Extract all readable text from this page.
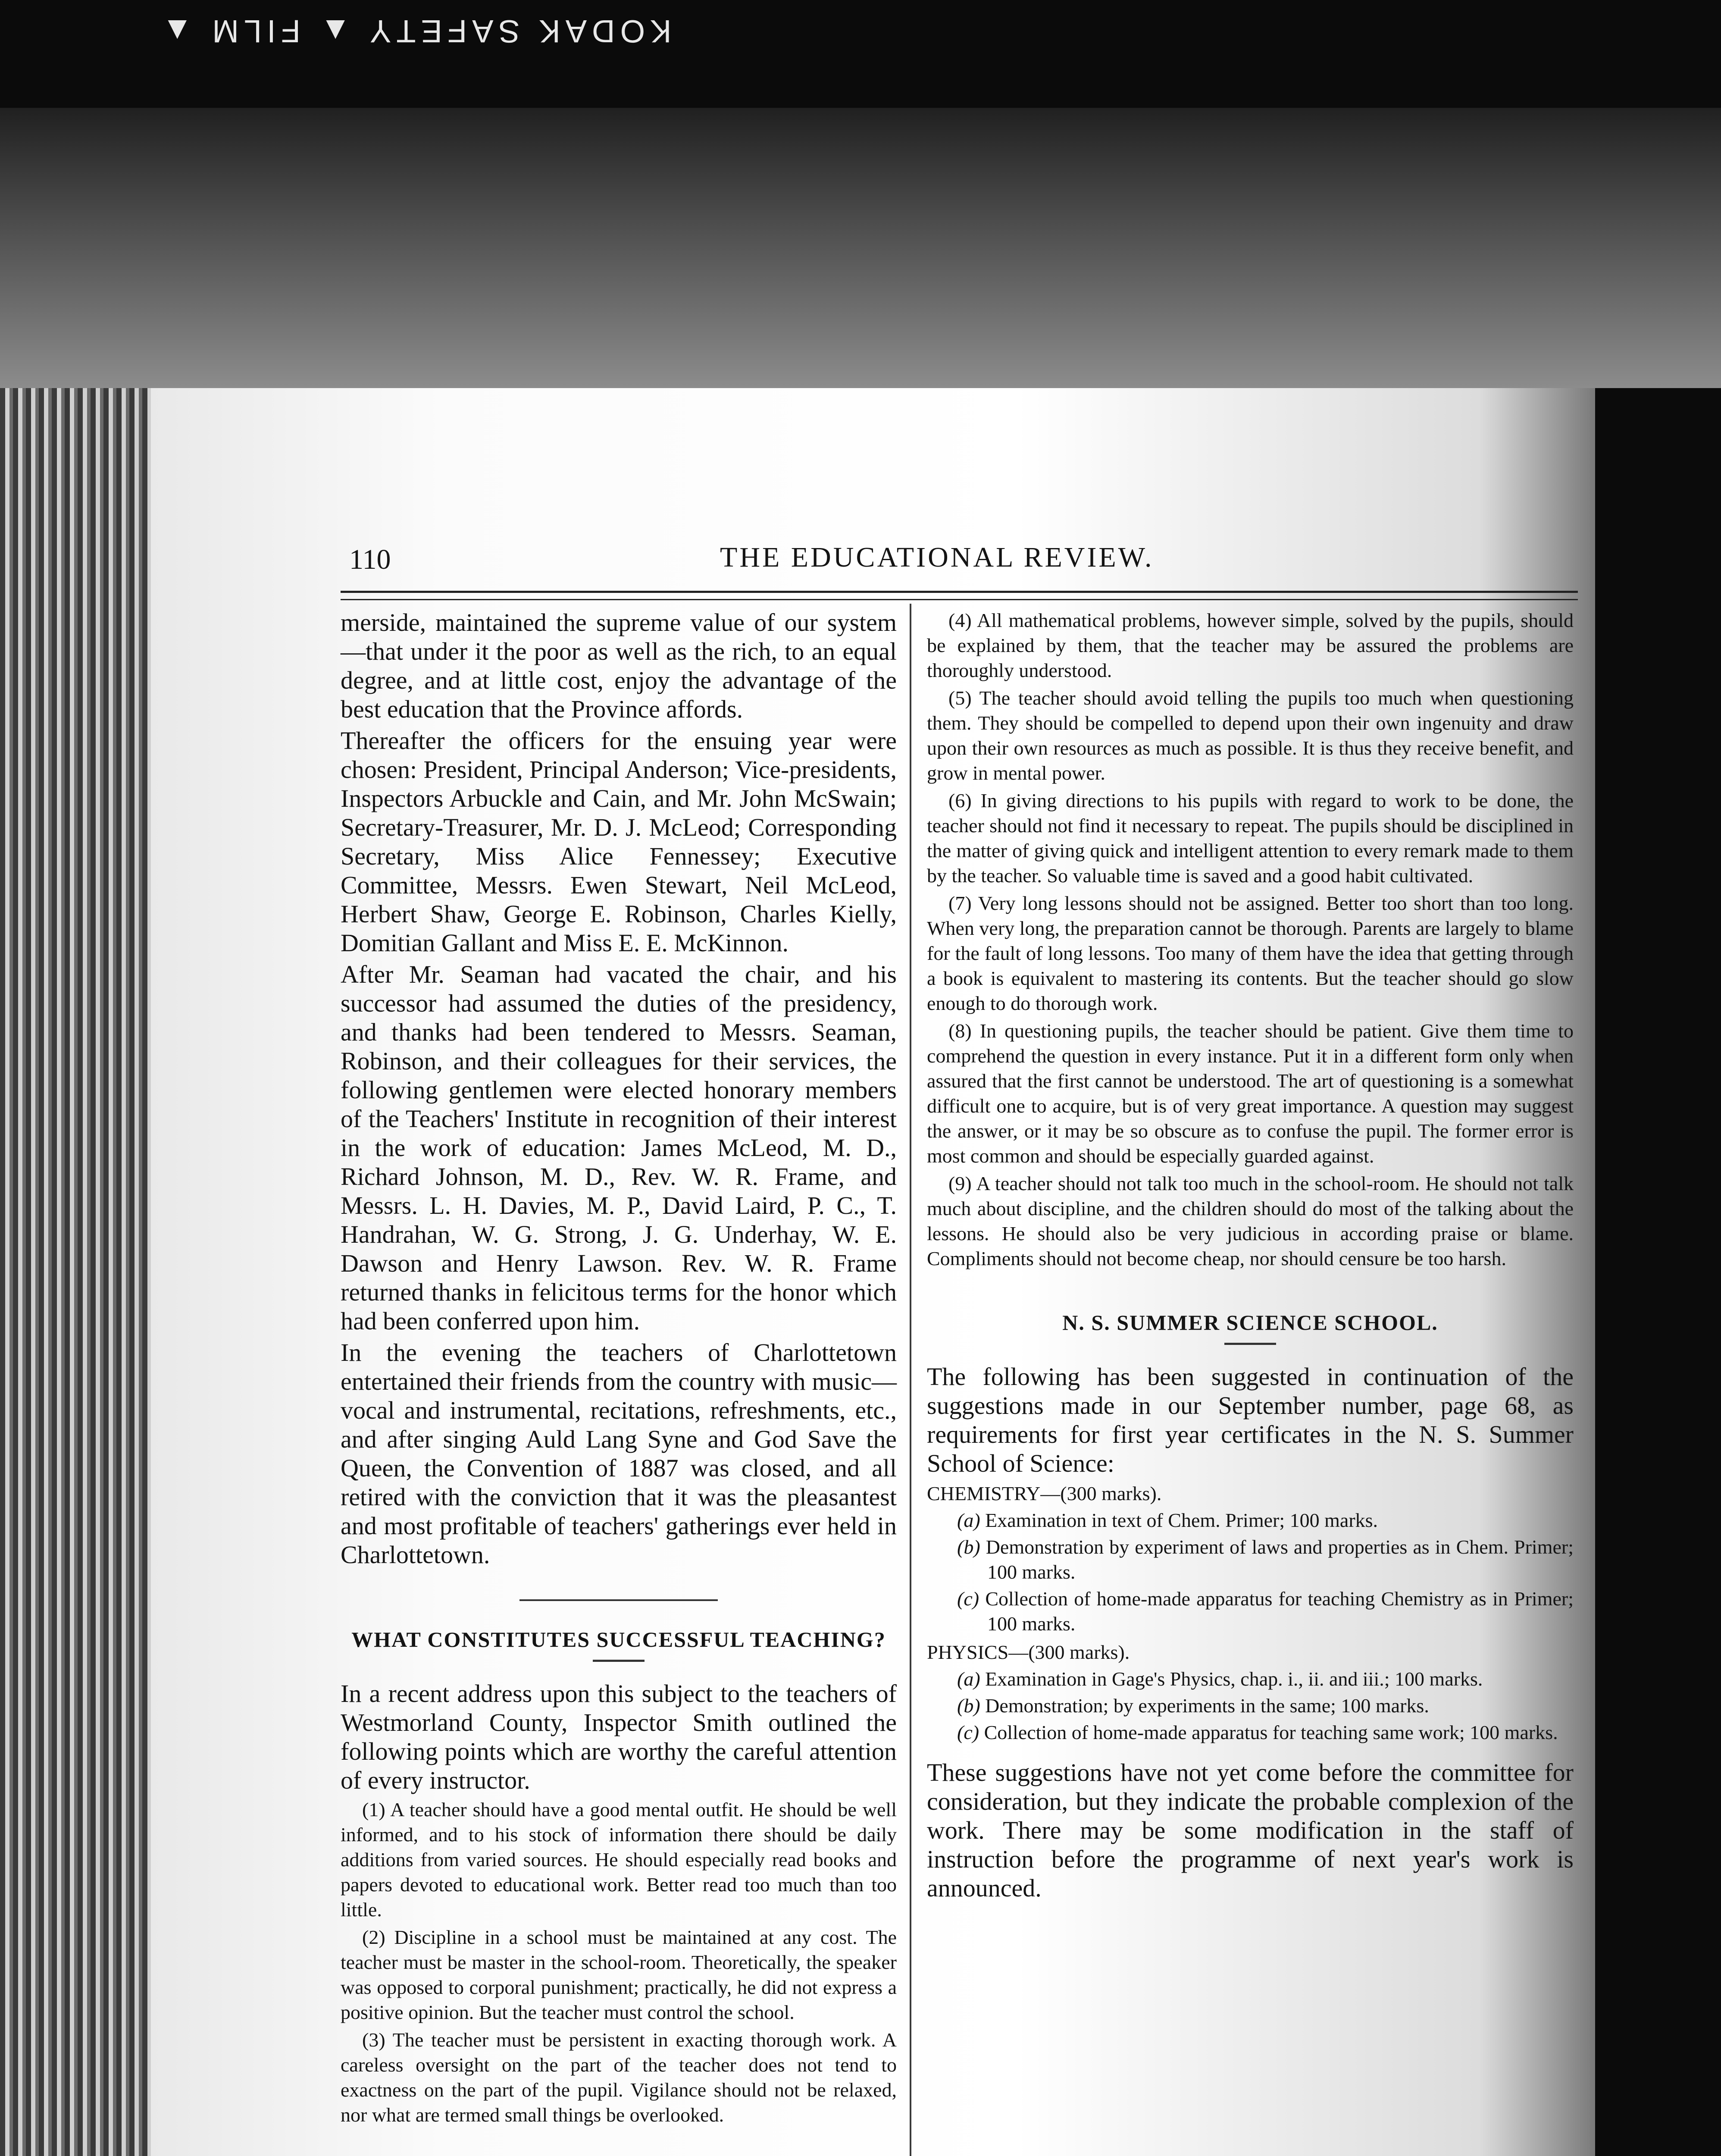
KODAK SAFETY ▲ FILM ▲
110	THE EDUCATIONAL REVIEW.

merside, maintained the supreme value of our system —that under it the poor as well as the rich, to an equal degree, and at little cost, enjoy the advantage of the best education that the Province affords.

Thereafter the officers for the ensuing year were chosen: President, Principal Anderson; Vice-presidents, Inspectors Arbuckle and Cain, and Mr. John McSwain; Secretary-Treasurer, Mr. D. J. McLeod; Corresponding Secretary, Miss Alice Fennessey; Executive Committee, Messrs. Ewen Stewart, Neil McLeod, Herbert Shaw, George E. Robinson, Charles Kielly, Domitian Gallant and Miss E. E. McKinnon.

After Mr. Seaman had vacated the chair, and his successor had assumed the duties of the presidency, and thanks had been tendered to Messrs. Seaman, Robinson, and their colleagues for their services, the following gentlemen were elected honorary members of the Teachers' Institute in recognition of their interest in the work of education: James McLeod, M. D., Richard Johnson, M. D., Rev. W. R. Frame, and Messrs. L. H. Davies, M. P., David Laird, P. C., T. Handrahan, W. G. Strong, J. G. Underhay, W. E. Dawson and Henry Lawson. Rev. W. R. Frame returned thanks in felicitous terms for the honor which had been conferred upon him.

In the evening the teachers of Charlottetown entertained their friends from the country with music—vocal and instrumental, recitations, refreshments, etc., and after singing Auld Lang Syne and God Save the Queen, the Convention of 1887 was closed, and all retired with the conviction that it was the pleasantest and most profitable of teachers' gatherings ever held in Charlottetown.

WHAT CONSTITUTES SUCCESSFUL TEACHING?

In a recent address upon this subject to the teachers of Westmorland County, Inspector Smith outlined the following points which are worthy the careful attention of every instructor.

(1) A teacher should have a good mental outfit. He should be well informed, and to his stock of information there should be daily additions from varied sources. He should especially read books and papers devoted to educational work. Better read too much than too little.

(2) Discipline in a school must be maintained at any cost. The teacher must be master in the school-room. Theoretically, the speaker was opposed to corporal punishment; practically, he did not express a positive opinion. But the teacher must control the school.

(3) The teacher must be persistent in exacting thorough work. A careless oversight on the part of the teacher does not tend to exactness on the part of the pupil. Vigilance should not be relaxed, nor what are termed small things be overlooked.

(4) All mathematical problems, however simple, solved by the pupils, should be explained by them, that the teacher may be assured the problems are thoroughly understood.

(5) The teacher should avoid telling the pupils too much when questioning them. They should be compelled to depend upon their own ingenuity and draw upon their own resources as much as possible. It is thus they receive benefit, and grow in mental power.

(6) In giving directions to his pupils with regard to work to be done, the teacher should not find it necessary to repeat. The pupils should be disciplined in the matter of giving quick and intelligent attention to every remark made to them by the teacher. So valuable time is saved and a good habit cultivated.

(7) Very long lessons should not be assigned. Better too short than too long. When very long, the preparation cannot be thorough. Parents are largely to blame for the fault of long lessons. Too many of them have the idea that getting through a book is equivalent to mastering its contents. But the teacher should go slow enough to do thorough work.

(8) In questioning pupils, the teacher should be patient. Give them time to comprehend the question in every instance. Put it in a different form only when assured that the first cannot be understood. The art of questioning is a somewhat difficult one to acquire, but is of very great importance. A question may suggest the answer, or it may be so obscure as to confuse the pupil. The former error is most common and should be especially guarded against.

(9) A teacher should not talk too much in the school-room. He should not talk much about discipline, and the children should do most of the talking about the lessons. He should also be very judicious in according praise or blame. Compliments should not become cheap, nor should censure be too harsh.

N. S. SUMMER SCIENCE SCHOOL.

The following has been suggested in continuation of the suggestions made in our September number, page 68, as requirements for first year certificates in the N. S. Summer School of Science:

CHEMISTRY—(300 marks).

(a) Examination in text of Chem. Primer; 100 marks.

(b) Demonstration by experiment of laws and properties as in Chem. Primer; 100 marks.

(c) Collection of home-made apparatus for teaching Chemistry as in Primer; 100 marks.

PHYSICS—(300 marks).

(a) Examination in Gage's Physics, chap. i., ii. and iii.; 100 marks.

(b) Demonstration; by experiments in the same; 100 marks.

(c) Collection of home-made apparatus for teaching same work; 100 marks.

These suggestions have not yet come before the committee for consideration, but they indicate the probable complexion of the work. There may be some modification in the staff of instruction before the programme of next year's work is announced.
